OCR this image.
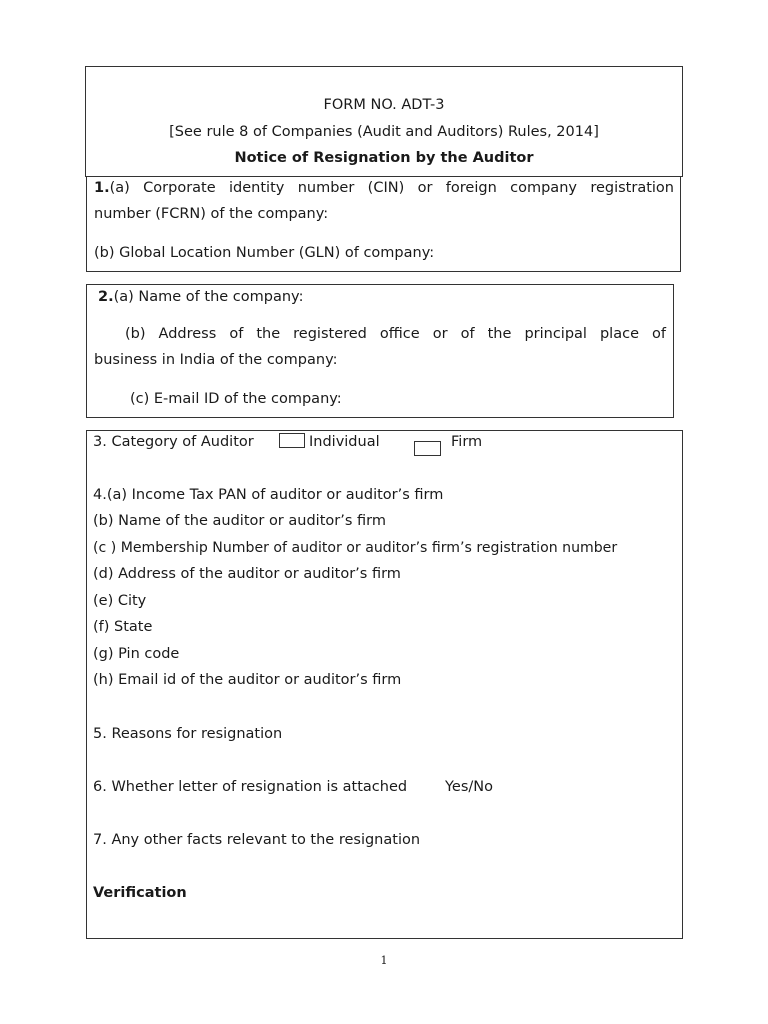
FORM NO. ADT-3
[See rule 8 of Companies (Audit and Auditors) Rules, 2014]
Notice of Resignation by the Auditor
1.(a) Corporate identity number (CIN) or foreign company registration
number (FCRN) of the company:
(b) Global Location Number (GLN) of company:
2.(a) Name of the company:
(b) Address of the registered office or of the principal place of
business in India of the company:
(c) E-mail ID of the company:
3. Category of Auditor	Individual	Firm
4.(a) Income Tax PAN of auditor or auditor’s firm
(b) Name of the auditor or auditor’s firm
(c ) Membership Number of auditor or auditor’s firm’s registration number
(d) Address of the auditor or auditor’s firm
(e) City
(f) State
(g) Pin code
(h) Email id of the auditor or auditor’s firm
5. Reasons for resignation
6. Whether letter of resignation is attached	Yes/No
7. Any other facts relevant to the resignation
Verification
1
